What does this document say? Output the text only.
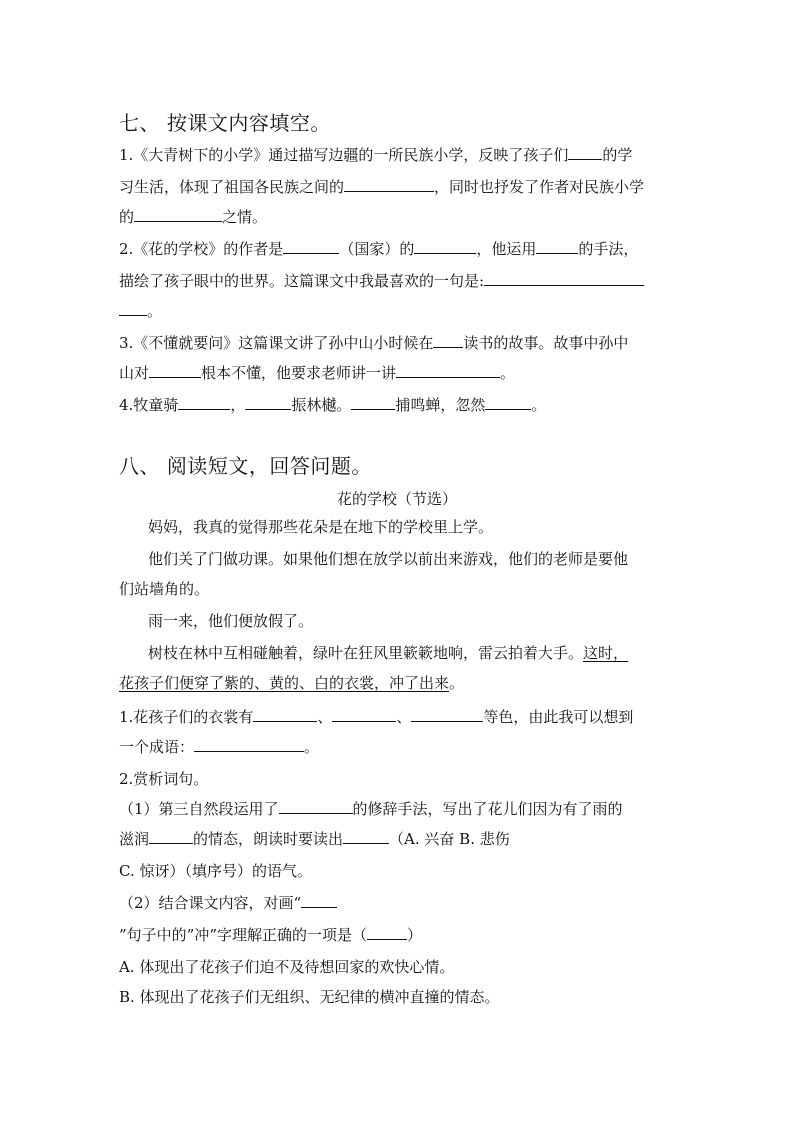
七、 按课文内容填空。
1.《大青树下的小学》通过描写边疆的一所民族小学，反映了孩子们 的学
习生活，体现了祖国各民族之间的	，同时也抒发了作者对民族小学
的	之情。
2.《花的学校》的作者是	（国家）的	，他运用	的手法，
描绘了孩子眼中的世界。这篇课文中我最喜欢的一句是:
。
3.《不懂就要问》这篇课文讲了孙中山小时候在 读书的故事。故事中孙中
山对	根本不懂，他要求老师讲一讲	。
4.牧童骑	，	振林樾。	捕鸣蝉，忽然	。
八、 阅读短文，回答问题。
花的学校（节选）
妈妈，我真的觉得那些花朵是在地下的学校里上学。
他们关了门做功课。如果他们想在放学以前出来游戏，他们的老师是要他
们站墙角的。
雨一来，他们便放假了。
树枝在林中互相碰触着，绿叶在狂风里簌簌地响，雷云拍着大手。这时，
花孩子们便穿了紫的、黄的、白的衣裳，冲了出来。
1.花孩子们的衣裳有	、	、	等色，由此我可以想到
一个成语：	。
2.赏析词句。
（1）第三自然段运用了	的修辞手法，写出了花儿们因为有了雨的
滋润	的情态，朗读时要读出	（A. 兴奋 B. 悲伤
C. 惊讶）（填序号）的语气。
（2）结合课文内容，对画“
”句子中的”冲”字理解正确的一项是（	）
A. 体现出了花孩子们迫不及待想回家的欢快心情。
B. 体现出了花孩子们无组织、无纪律的横冲直撞的情态。
